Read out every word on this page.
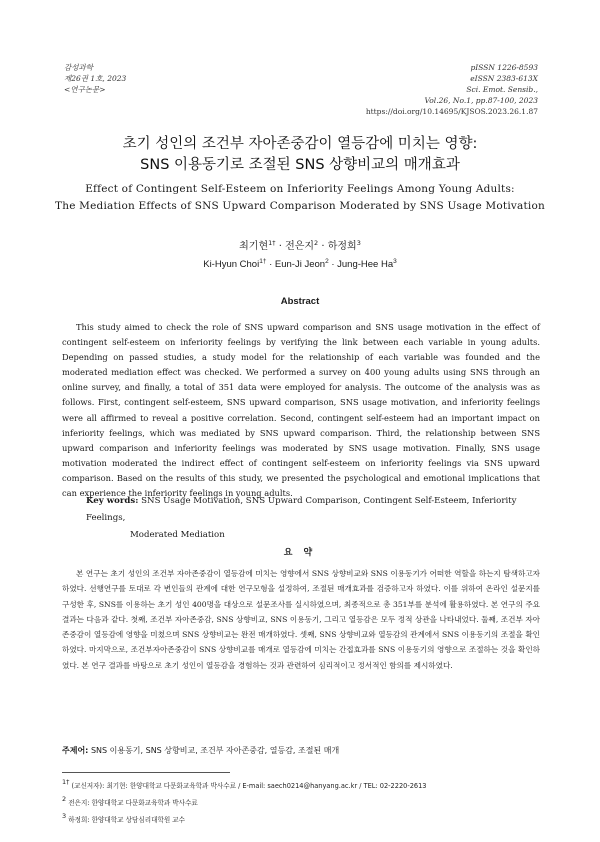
감성과학
제26권 1호, 2023
<연구논문>
pISSN 1226-8593
eISSN 2383-613X
Sci. Emot. Sensib.,
Vol.26, No.1, pp.87-100, 2023
https://doi.org/10.14695/KJSOS.2023.26.1.87
초기 성인의 조건부 자아존중감이 열등감에 미치는 영향:
SNS 이용동기로 조절된 SNS 상향비교의 매개효과
Effect of Contingent Self-Esteem on Inferiority Feelings Among Young Adults:
The Mediation Effects of SNS Upward Comparison Moderated by SNS Usage Motivation
최기현$^{1\dagger}$ · 전은지$^2$ · 하정희$^3$
Ki-Hyun Choi$^{1\dagger}$ · Eun-Ji Jeon$^2$ · Jung-Hee Ha$^3$
Abstract
This study aimed to check the role of SNS upward comparison and SNS usage motivation in the effect of contingent self-esteem on inferiority feelings by verifying the link between each variable in young adults. Depending on passed studies, a study model for the relationship of each variable was founded and the moderated mediation effect was checked. We performed a survey on 400 young adults using SNS through an online survey, and finally, a total of 351 data were employed for analysis. The outcome of the analysis was as follows. First, contingent self-esteem, SNS upward comparison, SNS usage motivation, and inferiority feelings were all affirmed to reveal a positive correlation. Second, contingent self-esteem had an important impact on inferiority feelings, which was mediated by SNS upward comparison. Third, the relationship between SNS upward comparison and inferiority feelings was moderated by SNS usage motivation. Finally, SNS usage motivation moderated the indirect effect of contingent self-esteem on inferiority feelings via SNS upward comparison. Based on the results of this study, we presented the psychological and emotional implications that can experience the inferiority feelings in young adults.
Key words: SNS Usage Motivation, SNS Upward Comparison, Contingent Self-Esteem, Inferiority Feelings,
Moderated Mediation
요 약
본 연구는 초기 성인의 조건부 자아존중감이 열등감에 미치는 영향에서 SNS 상향비교와 SNS 이용동기가 어떠한 역할을 하는지 탐색하고자 하였다. 선행연구를 토대로 각 변인들의 관계에 대한 연구모형을 설정하여, 조절된 매개효과를 검증하고자 하였다. 이를 위하여 온라인 설문지를 구성한 후, SNS를 이용하는 초기 성인 400명을 대상으로 설문조사를 실시하였으며, 최종적으로 총 351부를 분석에 활용하였다. 본 연구의 주요 결과는 다음과 같다. 첫째, 조건부 자아존중감, SNS 상향비교, SNS 이용동기, 그리고 열등감은 모두 정적 상관을 나타내었다. 둘째, 조건부 자아존중감이 열등감에 영향을 미쳤으며 SNS 상향비교는 완전 매개하였다. 셋째, SNS 상향비교와 열등감의 관계에서 SNS 이용동기의 조절을 확인하였다. 마지막으로, 조건부자아존중감이 SNS 상향비교를 매개로 열등감에 미치는 간접효과를 SNS 이용동기의 영향으로 조절하는 것을 확인하였다. 본 연구 결과를 바탕으로 초기 성인이 열등감을 경험하는 것과 관련하여 심리적이고 정서적인 함의를 제시하였다.
주제어: SNS 이용동기, SNS 상향비교, 조건부 자아존중감, 열등감, 조절된 매개
$^{1\dagger}$ (교신저자): 최기현: 한양대학교 다문화교육학과 박사수료 / E-mail: saech0214@hanyang.ac.kr / TEL: 02-2220-2613
$^2$ 전은지: 한양대학교 다문화교육학과 박사수료
$^3$ 하정희: 한양대학교 상담심리대학원 교수
